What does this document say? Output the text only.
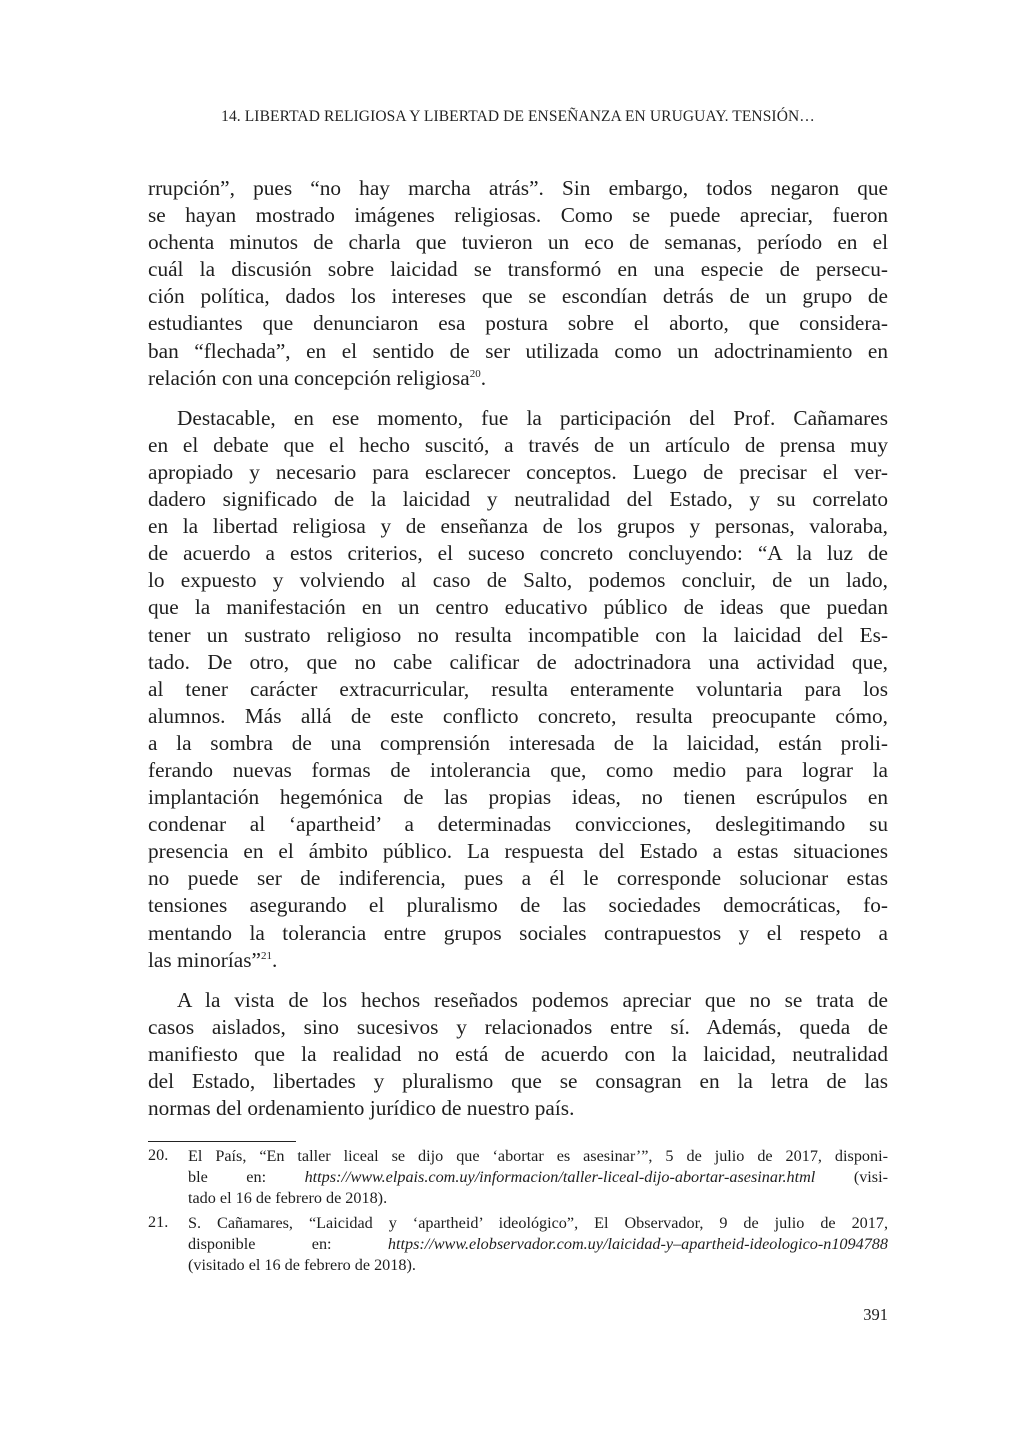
14. LIBERTAD RELIGIOSA Y LIBERTAD DE ENSEÑANZA EN URUGUAY. TENSIÓN…
rrupción”, pues “no hay marcha atrás”. Sin embargo, todos negaron que
se hayan mostrado imágenes religiosas. Como se puede apreciar, fueron
ochenta minutos de charla que tuvieron un eco de semanas, período en el
cuál la discusión sobre laicidad se transformó en una especie de persecu-
ción política, dados los intereses que se escondían detrás de un grupo de
estudiantes que denunciaron esa postura sobre el aborto, que considera-
ban “flechada”, en el sentido de ser utilizada como un adoctrinamiento en
relación con una concepción religiosa$^{20}$.
Destacable, en ese momento, fue la participación del Prof. Cañamares
en el debate que el hecho suscitó, a través de un artículo de prensa muy
apropiado y necesario para esclarecer conceptos. Luego de precisar el ver-
dadero significado de la laicidad y neutralidad del Estado, y su correlato
en la libertad religiosa y de enseñanza de los grupos y personas, valoraba,
de acuerdo a estos criterios, el suceso concreto concluyendo: “A la luz de
lo expuesto y volviendo al caso de Salto, podemos concluir, de un lado,
que la manifestación en un centro educativo público de ideas que puedan
tener un sustrato religioso no resulta incompatible con la laicidad del Es-
tado. De otro, que no cabe calificar de adoctrinadora una actividad que,
al tener carácter extracurricular, resulta enteramente voluntaria para los
alumnos. Más allá de este conflicto concreto, resulta preocupante cómo,
a la sombra de una comprensión interesada de la laicidad, están proli-
ferando nuevas formas de intolerancia que, como medio para lograr la
implantación hegemónica de las propias ideas, no tienen escrúpulos en
condenar al ‘apartheid’ a determinadas convicciones, deslegitimando su
presencia en el ámbito público. La respuesta del Estado a estas situaciones
no puede ser de indiferencia, pues a él le corresponde solucionar estas
tensiones asegurando el pluralismo de las sociedades democráticas, fo-
mentando la tolerancia entre grupos sociales contrapuestos y el respeto a
las minorías”$^{21}$.
A la vista de los hechos reseñados podemos apreciar que no se trata de
casos aislados, sino sucesivos y relacionados entre sí. Además, queda de
manifiesto que la realidad no está de acuerdo con la laicidad, neutralidad
del Estado, libertades y pluralismo que se consagran en la letra de las
normas del ordenamiento jurídico de nuestro país.
20. El País, “En taller liceal se dijo que ‘abortar es asesinar’”, 5 de julio de 2017, disponi-
ble en: https://www.elpais.com.uy/informacion/taller-liceal-dijo-abortar-asesinar.html (visi-
tado el 16 de febrero de 2018).
21. S. Cañamares, “Laicidad y ‘apartheid’ ideológico”, El Observador, 9 de julio de 2017,
disponible en: https://www.elobservador.com.uy/laicidad-y–apartheid-ideologico-n1094788
(visitado el 16 de febrero de 2018).
391
